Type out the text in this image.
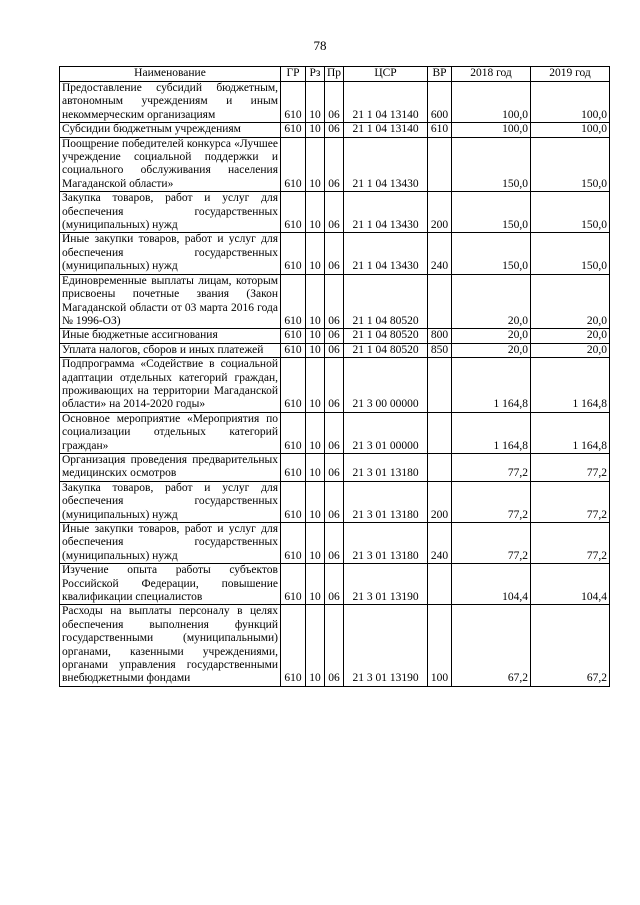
78
Наименование	ГР	Рз	Пр	ЦСР	ВР	2018 год	2019 год
Предоставление субсидий бюджетным, автономным учреждениям и иным некоммерческим организациям	610	10	06	21 1 04 13140	600	100,0	100,0
Субсидии бюджетным учреждениям	610	10	06	21 1 04 13140	610	100,0	100,0
Поощрение победителей конкурса «Лучшее учреждение социальной поддержки и социального обслуживания населения Магаданской области»	610	10	06	21 1 04 13430		150,0	150,0
Закупка товаров, работ и услуг для обеспечения государственных (муниципальных) нужд	610	10	06	21 1 04 13430	200	150,0	150,0
Иные закупки товаров, работ и услуг для обеспечения государственных (муниципальных) нужд	610	10	06	21 1 04 13430	240	150,0	150,0
Единовременные выплаты лицам, которым присвоены почетные звания (Закон Магаданской области от 03 марта 2016 года № 1996-ОЗ)	610	10	06	21 1 04 80520		20,0	20,0
Иные бюджетные ассигнования	610	10	06	21 1 04 80520	800	20,0	20,0
Уплата налогов, сборов и иных платежей	610	10	06	21 1 04 80520	850	20,0	20,0
Подпрограмма «Содействие в социальной адаптации отдельных категорий граждан, проживающих на территории Магаданской области» на 2014-2020 годы»	610	10	06	21 3 00 00000		1 164,8	1 164,8
Основное мероприятие «Мероприятия по социализации отдельных категорий граждан»	610	10	06	21 3 01 00000		1 164,8	1 164,8
Организация проведения предварительных медицинских осмотров	610	10	06	21 3 01 13180		77,2	77,2
Закупка товаров, работ и услуг для обеспечения государственных (муниципальных) нужд	610	10	06	21 3 01 13180	200	77,2	77,2
Иные закупки товаров, работ и услуг для обеспечения государственных (муниципальных) нужд	610	10	06	21 3 01 13180	240	77,2	77,2
Изучение опыта работы субъектов Российской Федерации, повышение квалификации специалистов	610	10	06	21 3 01 13190		104,4	104,4
Расходы на выплаты персоналу в целях обеспечения выполнения функций государственными (муниципальными) органами, казенными учреждениями, органами управления государственными внебюджетными фондами	610	10	06	21 3 01 13190	100	67,2	67,2
